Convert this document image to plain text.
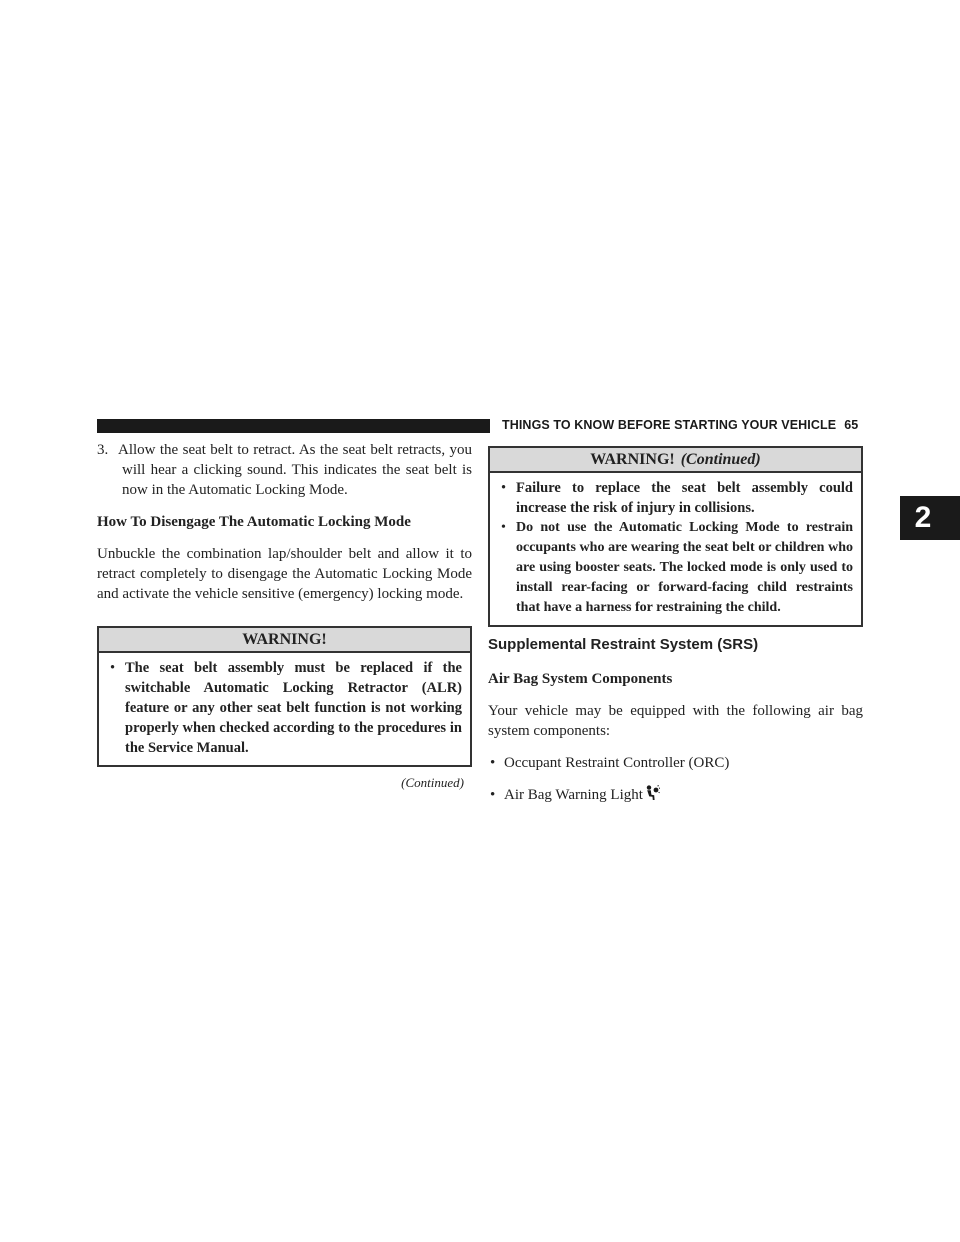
THINGS TO KNOW BEFORE STARTING YOUR VEHICLE 65
2

3. Allow the seat belt to retract. As the seat belt retracts, you will hear a clicking sound. This indicates the seat belt is now in the Automatic Locking Mode.

How To Disengage The Automatic Locking Mode

Unbuckle the combination lap/shoulder belt and allow it to retract completely to disengage the Automatic Locking Mode and activate the vehicle sensitive (emergency) locking mode.

WARNING!
• The seat belt assembly must be replaced if the switchable Automatic Locking Retractor (ALR) feature or any other seat belt function is not working properly when checked according to the procedures in the Service Manual.
(Continued)
WARNING! (Continued)
• Failure to replace the seat belt assembly could increase the risk of injury in collisions.
• Do not use the Automatic Locking Mode to restrain occupants who are wearing the seat belt or children who are using booster seats. The locked mode is only used to install rear-facing or forward-facing child restraints that have a harness for restraining the child.

Supplemental Restraint System (SRS)

Air Bag System Components

Your vehicle may be equipped with the following air bag system components:

• Occupant Restraint Controller (ORC)
• Air Bag Warning Light
